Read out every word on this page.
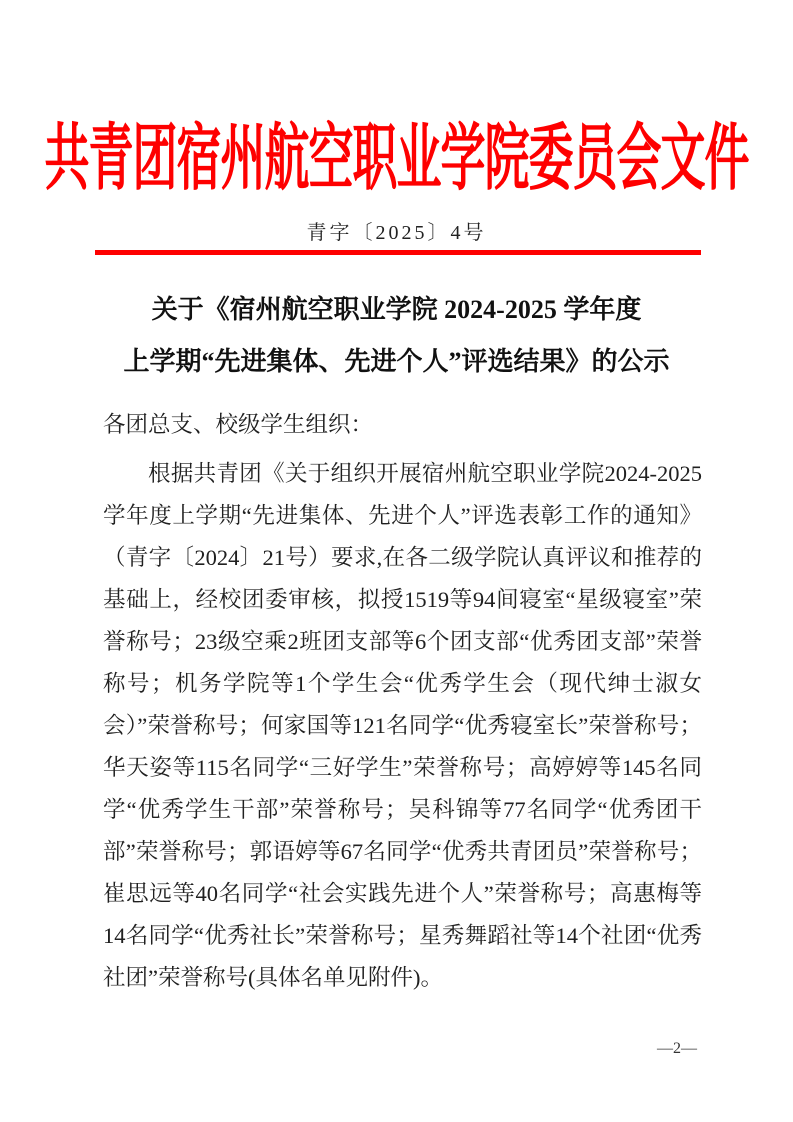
共青团宿州航空职业学院委员会文件
青字〔2025〕4号
关于《宿州航空职业学院 2024-2025 学年度
上学期“先进集体、先进个人”评选结果》的公示

各团总支、校级学生组织：

根据共青团《关于组织开展宿州航空职业学院2024-2025学年度上学期“先进集体、先进个人”评选表彰工作的通知》（青字〔2024〕21号）要求,在各二级学院认真评议和推荐的基础上，经校团委审核，拟授1519等94间寝室“星级寝室”荣誉称号；23级空乘2班团支部等6个团支部“优秀团支部”荣誉称号；机务学院等1个学生会“优秀学生会（现代绅士淑女会）”荣誉称号；何家国等121名同学“优秀寝室长”荣誉称号；华天姿等115名同学“三好学生”荣誉称号；高婷婷等145名同学“优秀学生干部”荣誉称号；吴科锦等77名同学“优秀团干部”荣誉称号；郭语婷等67名同学“优秀共青团员”荣誉称号；崔思远等40名同学“社会实践先进个人”荣誉称号；高惠梅等14名同学“优秀社长”荣誉称号；星秀舞蹈社等14个社团“优秀社团”荣誉称号(具体名单见附件)。

—2—
